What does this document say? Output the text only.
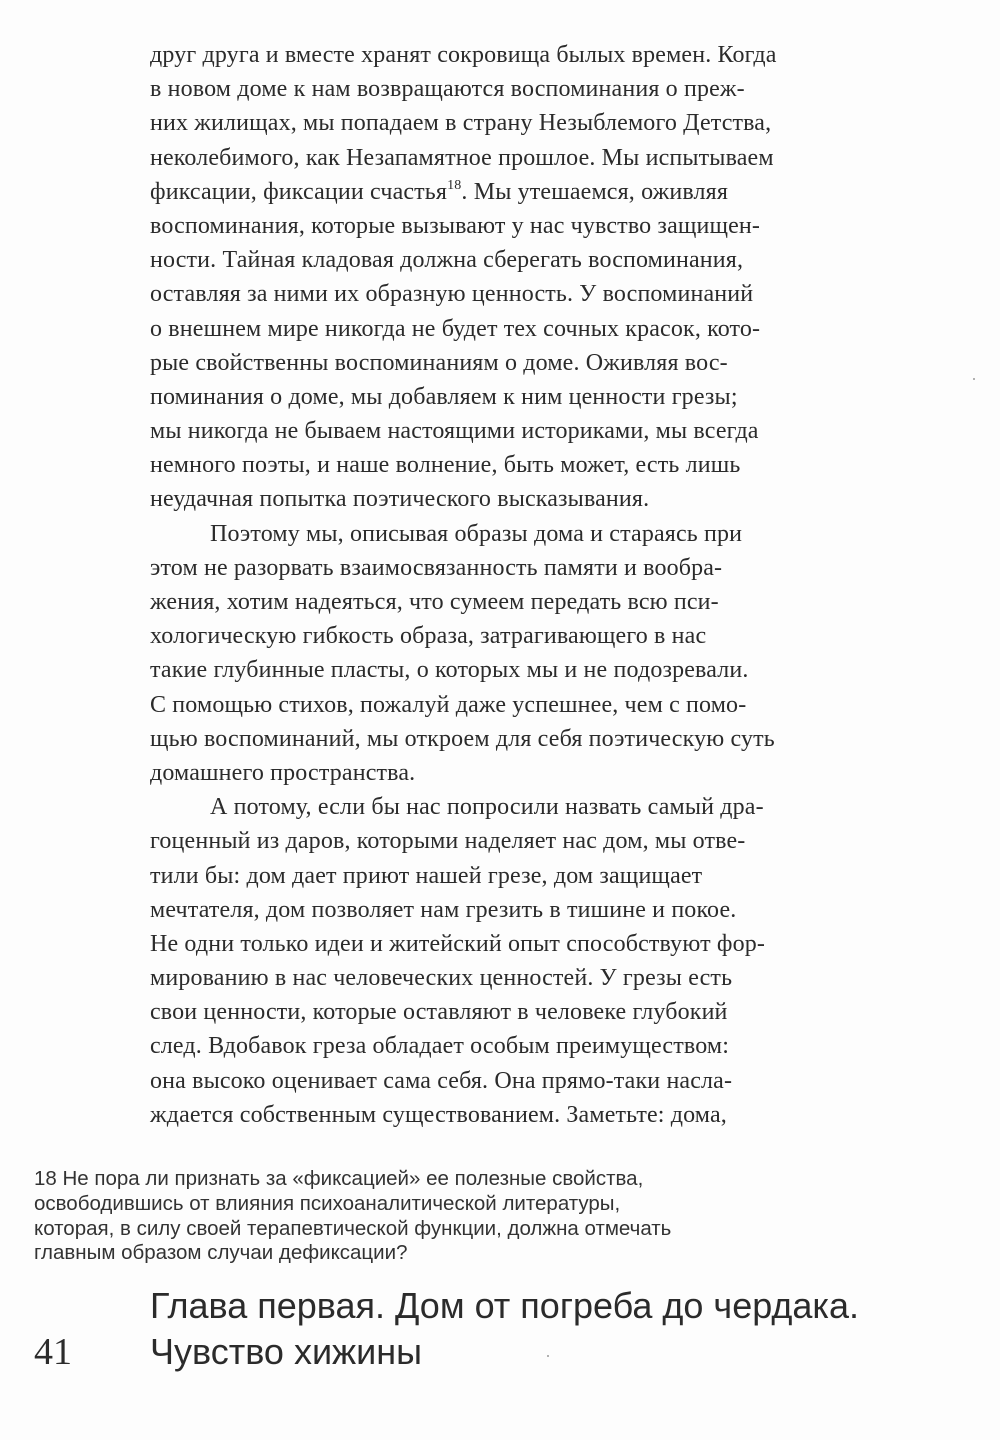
друг друга и вместе хранят сокровища былых времен. Когда
в новом доме к нам возвращаются воспоминания о преж-
них жилищах, мы попадаем в страну Незыблемого Детства,
неколебимого, как Незапамятное прошлое. Мы испытываем
фиксации, фиксации счастья$^{18}$. Мы утешаемся, оживляя
воспоминания, которые вызывают у нас чувство защищен-
ности. Тайная кладовая должна сберегать воспоминания,
оставляя за ними их образную ценность. У воспоминаний
о внешнем мире никогда не будет тех сочных красок, кото-
рые свойственны воспоминаниям о доме. Оживляя вос-
поминания о доме, мы добавляем к ним ценности грезы;
мы никогда не бываем настоящими историками, мы всегда
немного поэты, и наше волнение, быть может, есть лишь
неудачная попытка поэтического высказывания.
Поэтому мы, описывая образы дома и стараясь при
этом не разорвать взаимосвязанность памяти и вообра-
жения, хотим надеяться, что сумеем передать всю пси-
хологическую гибкость образа, затрагивающего в нас
такие глубинные пласты, о которых мы и не подозревали.
С помощью стихов, пожалуй даже успешнее, чем с помо-
щью воспоминаний, мы откроем для себя поэтическую суть
домашнего пространства.
А потому, если бы нас попросили назвать самый дра-
гоценный из даров, которыми наделяет нас дом, мы отве-
тили бы: дом дает приют нашей грезе, дом защищает
мечтателя, дом позволяет нам грезить в тишине и покое.
Не одни только идеи и житейский опыт способствуют фор-
мированию в нас человеческих ценностей. У грезы есть
свои ценности, которые оставляют в человеке глубокий
след. Вдобавок греза обладает особым преимуществом:
она высоко оценивает сама себя. Она прямо-таки насла-
ждается собственным существованием. Заметьте: дома,
18 Не пора ли признать за «фиксацией» ее полезные свойства,
освободившись от влияния психоаналитической литературы,
которая, в силу своей терапевтической функции, должна отмечать
главным образом случаи дефиксации?
Глава первая. Дом от погреба до чердака.
Чувство хижины
41
